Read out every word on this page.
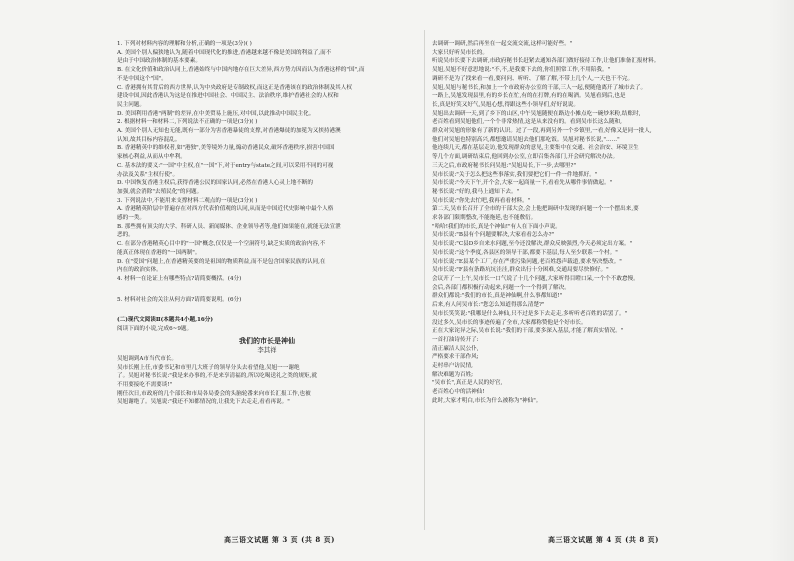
1. 下列对材料内容的理解和分析,正确的一项是(3分)( )
A. 美国个别人偏狭地认为,随着中国现代化的推进,香港越来越不像是美国的利益了,而不
是由于中国政治体制的基本要素。
B. 在文化价值和政治认同上,香港始终与中国内地存在巨大差异,西方势力因而认为香港这样的"国",而
不是中国这个"国"。
C. 香港拥有其背后的西方世界,认为中央政府是专制政权,而这正是香港该在的政治体制及其人权
建设中国,因此香港认为这是在推进中国社会、中国民主、法治秩序,维护香港社会的人权和
民主问题。
D. 美国利用香港"两制"的差异,在中美贸易上施压,对中国,以此推动中国民主化。
2. 根据材料一和材料二,下列说法不正确的一项是(3分)( )
A. 美国个别人无知也无能,既有一部分为害香港暴徒的支撑,对香港爆徒的加冕为又挟持港澳
认知,故其目标内容混乱。
B. 香港精英中的维权者,如"港独",美等境外力量,煽动香港民众,破坏香港秩序,损害中国国
家核心利益,从而从中牟利。
C. 基本法的要义:"一国"中主权,在"一国"下,对于entry与state之间,可以采用不同的可视
办法及关系"主权行使"。
D. 中国恢复香港主权后,获得香港公民的国家认同,必然在香港人心灵上地不断的
加强,就会消除"去殖民化"的问题。
3. 下列说法中,不能用来支撑材料二观点的一项是(3分)( )
A. 香港精英阶层中普遍存在对西方代表价值观的认同,从而是中国近代史影响中最个人格
感的一类。
B. 那些拥有顶尖的大学、科研人员、新闻媒体、企业领导者等,他们如果能在,就能无法宣泄
恶的。
C. 在部分香港精英心目中的"一国"概念,仅仅是一个空洞符号,缺乏实质的政治内容,不
能真正体现在香港的"一国两制"。
D. 在"爱国"问题上,在香港精英要的是祖国的物质利益,而不是包含国家民族的认同,在
内在的政治实体。
4. 材料一在论证上有哪些特点?请简要概括。(4分)
5. 材料对社会的关注从何方面?请简要说明。(6分)
(二)现代文阅读Ⅱ(本题共4小题,16分)
阅读下面的小说,完成6~9题。
我们的市长是神仙
李其祥
吴旭调到A市当代市长。
吴市长刚上任,市委书记和市里几大班子的领导分头去看望他,吴旭一一谢绝
了。吴旭对秘书长说:"我是来办事的,不是来享清福的,所以吃喝送礼之类的规矩,就
不用要接吃不需要谈!"
刚任次日,市政府的几个部长和市局各局委会的头脑轮番来向市长汇报工作,也被
吴旭谢绝了。吴旭说:"我还不知都情况的,让我先下去走走,看看再说。"
去调研一调研,然后再坐在一起交流交流,这样可能好些。"
大家只好听吴市长的。
听说吴市长要下去调研,市政府秘书长赶紧去通知各部门做好接待工作,让他们准备汇报材料。
吴旭,吴旭不好意思地说:"不,不,是我要下去的,你们照常工作,不用陪我。"
调研不是为了找来看一看,要问问、听听、了解了解,不带上几个人,一天也干不完。
吴旭,吴旭与秘书长,和加上一个市政府办公室的干部,三人一起,便随他离开了城市去了。
一路上,吴旭发现县里,有的乡长在忙,有的在打牌,有的在喝酒。吴旭看到后,也是
长,真是好笑又好气,吴旭心想,得跟这些小领导们,好好说说。
吴旭出去调研一天,到了乡下的山区,中午吴旭随便在路边小摊点吃一碗炒米粉,结账时,
老百姓看到吴旭他们,一个个非常热情,这是从来没有的。看到吴市长这么随和,
群众对吴旭的形象有了新的认识。过了一段,再到另外一个乡镇里,一看,好像又是同一批人,
他们对吴旭也特别高兴,都想邀请吴旭去他们那吃饭。吴旭对秘书长说,"……"
他连续几天,都在基层走访,他发现群众的意见,主要集中在交通、社会治安、环境卫生
等几个方面,调研结束后,他回到办公室,立即召集各部门,开会研究解决办法。
三天之后,市政府秘书长问吴旭:"吴旭局长,下一步,去哪里?"
吴市长说:"关于怎么把这些事落实,我们要把它们一件一件地抓好。"
吴市长说:"今天下午,开个会,大家一起商量一下,看看先从哪件事情做起。"
秘书长说:"好的,我马上通知下去。"
吴市长说:"你先去忙吧,我再看看材料。"
第二天,吴市长召开了全市的干部大会,会上他把调研中发现的问题一个一个摆出来,要
求各部门限期整改,不能拖延,也不能敷衍。
"哈哈!我们的市长,真是个神仙!"有人在下面小声说。
吴市长说:"B县有个问题要解决,大家看看怎么办?"
吴市长说:"C县D乡自来水问题,至今还没解决,群众反映强烈,今天必须定出方案。"
吴市长说:"这个季度,各县区的领导干部,都要下基层,每人至少联系一个村。"
吴市长说:"E县某个工厂,存在严重污染问题,老百姓怨声载道,要求坚决整改。"
吴市长说:"F县有条路坑坑洼洼,群众出行十分困难,交通局要尽快修好。"
会议开了一上午,吴市长一口气说了十几个问题,大家听得目瞪口呆,一个个不敢怠慢。
会后,各部门都积极行动起来,问题一个一个得到了解决。
群众们都说:"我们的市长,真是神仙啊,什么事都知道!"
后来,有人问吴市长:"您怎么知道得那么清楚?"
吴市长笑笑说:"我哪是什么神仙,只不过是多下去走走,多听听老百姓的话罢了。"
没过多久,吴市长的事迹传遍了全市,大家都称赞他是个好市长。
正在大家诧异之际,吴市长说:"我们的干部,要多深入基层,才能了解真实情况。"
一首打油诗传开了:
清正廉洁人民公仆,
严格要求干部作风;
走村串户访民情,
解决难题为百姓;
"吴市长",真正是人民的好官,
老百姓心中的活神仙!
此时,大家才明白,市长为什么被称为"神仙"。
高三语文试题 第 3 页 (共 8 页)	高三语文试题 第 4 页 (共 8 页)
